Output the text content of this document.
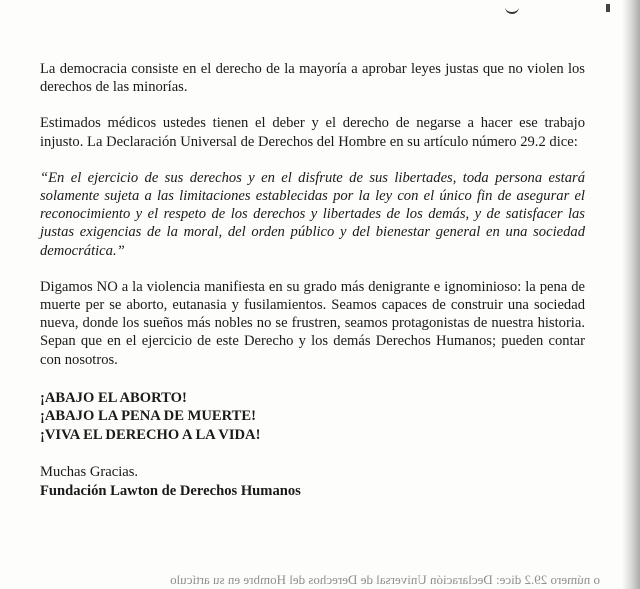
La democracia consiste en el derecho de la mayoría a aprobar leyes justas que no violen los derechos de las minorías.

Estimados médicos ustedes tienen el deber y el derecho de negarse a hacer ese trabajo injusto. La Declaración Universal de Derechos del Hombre en su artículo número 29.2 dice:

“En el ejercicio de sus derechos y en el disfrute de sus libertades, toda persona estará solamente sujeta a las limitaciones establecidas por la ley con el único fin de asegurar el reconocimiento y el respeto de los derechos y libertades de los demás, y de satisfacer las justas exigencias de la moral, del orden público y del bienestar general en una sociedad democrática.”

Digamos NO a la violencia manifiesta en su grado más denigrante e ignominioso: la pena de muerte per se aborto, eutanasia y fusilamientos. Seamos capaces de construir una sociedad nueva, donde los sueños más nobles no se frustren, seamos protagonistas de nuestra historia. Sepan que en el ejercicio de este Derecho y los demás Derechos Humanos; pueden contar con nosotros.

¡ABAJO EL ABORTO!
¡ABAJO LA PENA DE MUERTE!
¡VIVA EL DERECHO A LA VIDA!
Muchas Gracias.
Fundación Lawton de Derechos Humanos
o número 29.2 dice: Declaración Universal de Derechos del Hombre en su artículo
